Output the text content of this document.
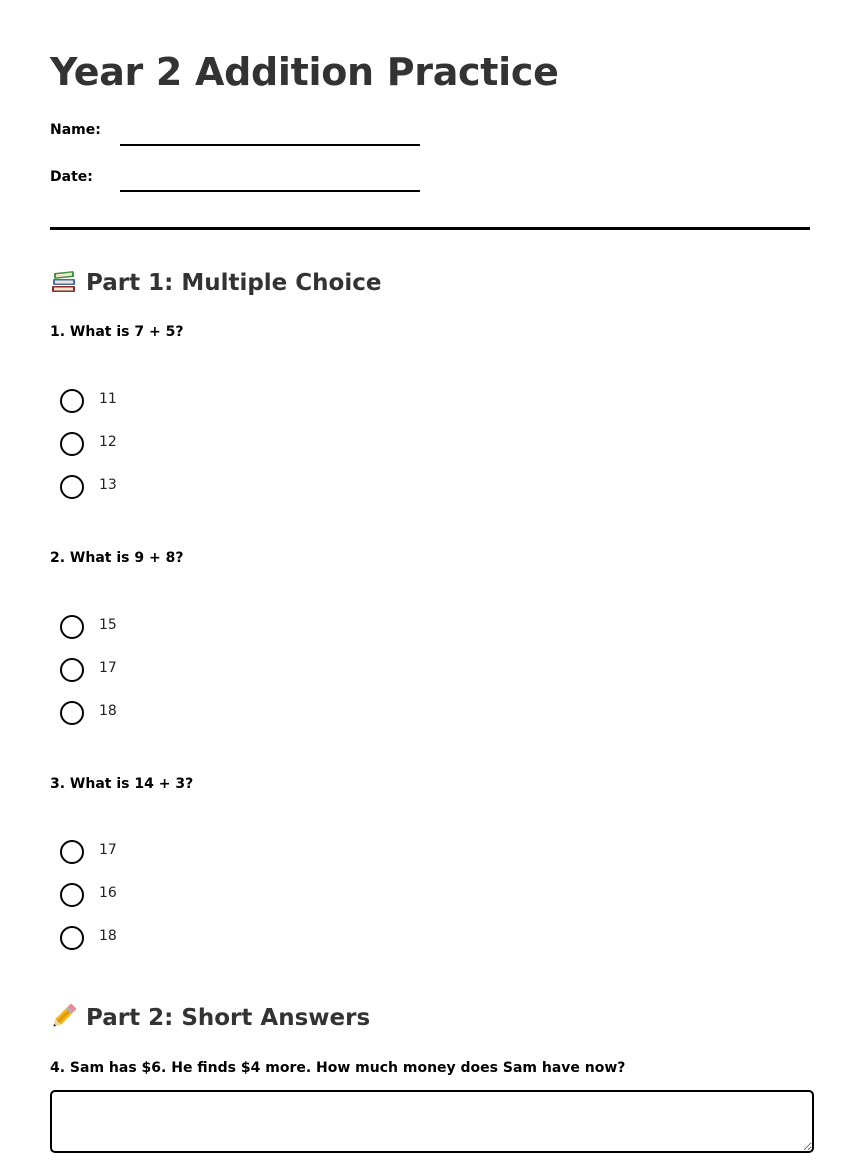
Year 2 Addition Practice
Name:
Date:
Part 1: Multiple Choice

1. What is 7 + 5?

11
12
13

2. What is 9 + 8?

15
17
18

3. What is 14 + 3?

17
16
18
Part 2: Short Answers

4. Sam has $6. He finds $4 more. How much money does Sam have now?
